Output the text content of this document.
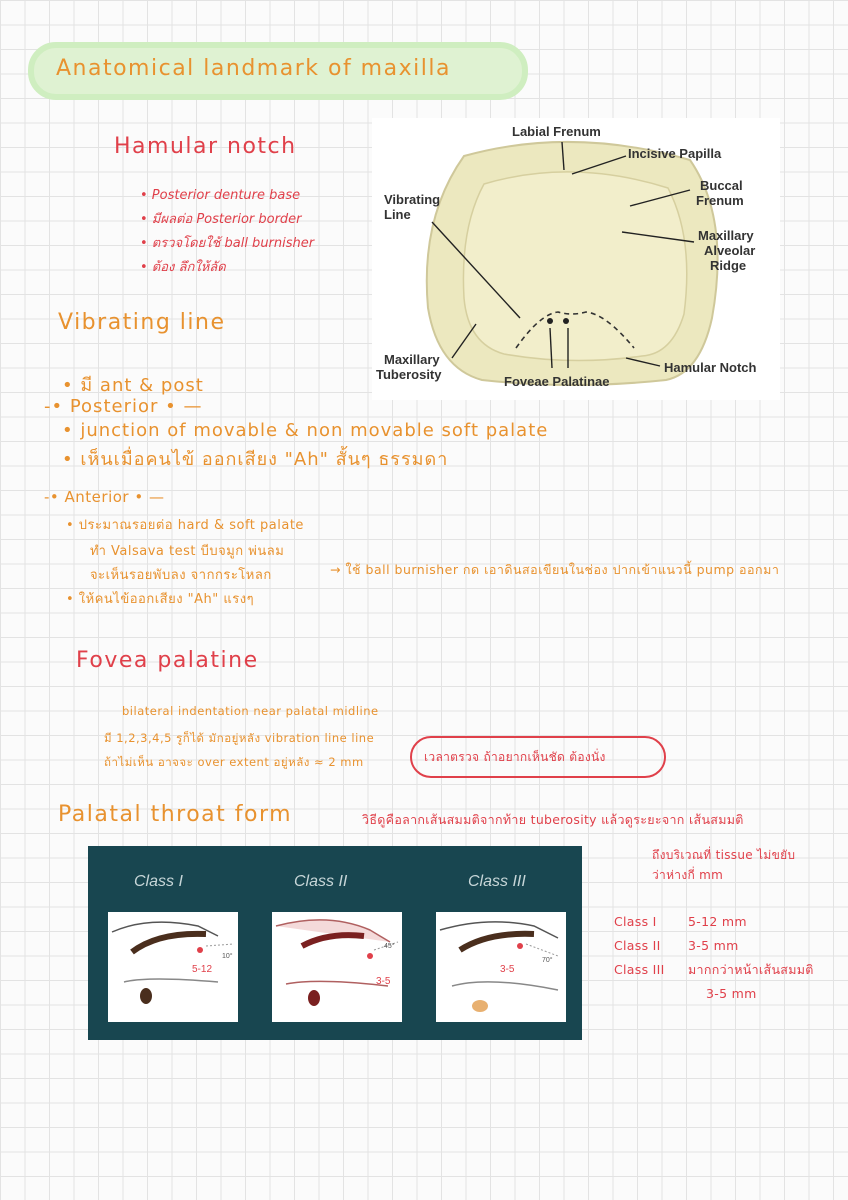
Anatomical landmark of maxilla
Hamular notch
• Posterior denture base
• มีผลต่อ Posterior border
• ตรวจโดยใช้ ball burnisher
• ต้อง ลึกให้ลัด
Labial Frenum
Incisive Papilla
Buccal
Frenum
Vibrating
Line
Maxillary
Alveolar
Ridge
Maxillary
Tuberosity	Hamular Notch
Foveae Palatinae
Vibrating line
• มี ant & post
-• Posterior • —
• junction of movable & non movable soft palate
• เห็นเมื่อคนไข้ ออกเสียง "Ah" สั้นๆ ธรรมดา
-• Anterior • —
• ประมาณรอยต่อ hard & soft palate
ทำ Valsava test บีบจมูก พ่นลม
จะเห็นรอยพับลง จากกระโหลก
• ให้คนไข้ออกเสียง "Ah" แรงๆ
→ ใช้ ball burnisher กด เอาดินสอเขียนในช่อง ปากเข้าแนวนี้ pump ออกมา
Fovea palatine
bilateral indentation near palatal midline
มี 1,2,3,4,5 รูก็ได้ มักอยู่หลัง vibration line line
ถ้าไม่เห็น อาจจะ over extent อยู่หลัง ≈ 2 mm	เวลาตรวจ ถ้าอยากเห็นชัด ต้องนั่ง
Palatal throat form	วิธีดูคือลากเส้นสมมติจากท้าย tuberosity แล้วดูระยะจาก เส้นสมมติ
ถึงบริเวณที่ tissue ไม่ขยับ
ว่าห่างกี่ mm
Class I	5-12 mm
Class II 3-5 mm
Class III มากกว่าหน้าเส้นสมมติ
3-5 mm
Class I	Class II	Class III
10°
5-12
45°
3-5
70°
3-5
